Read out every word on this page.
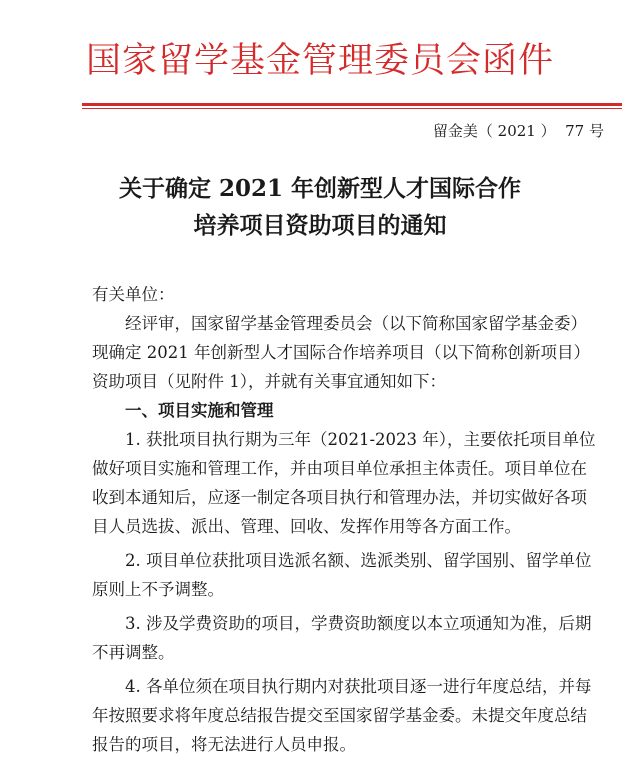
国家留学基金管理委员会函件
留金美（ 2021 ）  77 号
关于确定 2021 年创新型人才国际合作
培养项目资助项目的通知

有关单位：

经评审，国家留学基金管理委员会（以下简称国家留学基金委）现确定 2021 年创新型人才国际合作培养项目（以下简称创新项目）资助项目（见附件 1），并就有关事宜通知如下：

一、项目实施和管理

1. 获批项目执行期为三年（2021-2023 年），主要依托项目单位做好项目实施和管理工作，并由项目单位承担主体责任。项目单位在收到本通知后，应逐一制定各项目执行和管理办法，并切实做好各项目人员选拔、派出、管理、回收、发挥作用等各方面工作。

2. 项目单位获批项目选派名额、选派类别、留学国别、留学单位原则上不予调整。

3. 涉及学费资助的项目，学费资助额度以本立项通知为准，后期不再调整。

4. 各单位须在项目执行期内对获批项目逐一进行年度总结，并每年按照要求将年度总结报告提交至国家留学基金委。未提交年度总结报告的项目，将无法进行人员申报。
